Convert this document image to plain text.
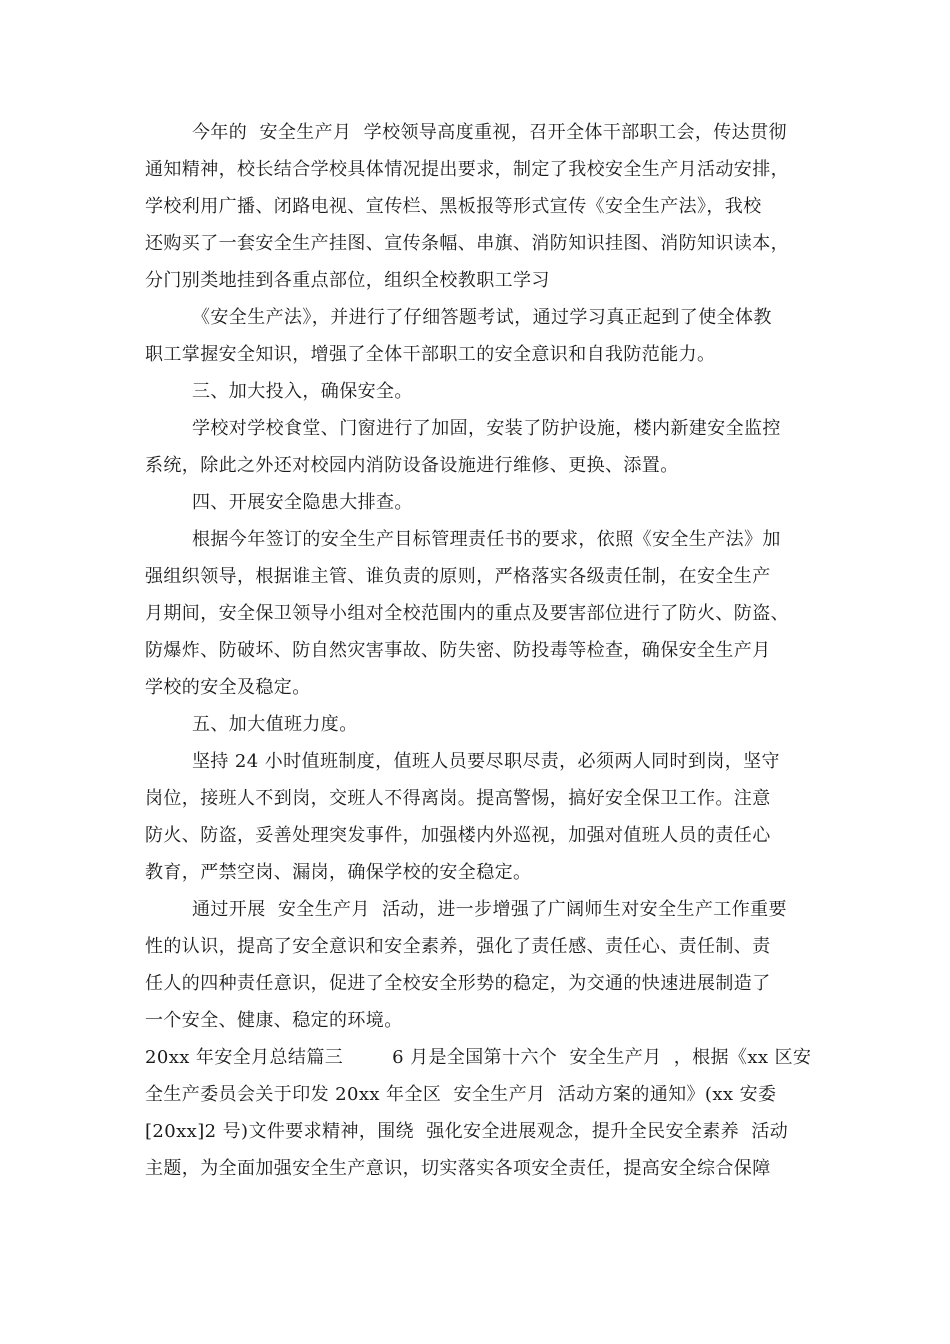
今年的  安全生产月  学校领导高度重视，召开全体干部职工会，传达贯彻
通知精神，校长结合学校具体情况提出要求，制定了我校安全生产月活动安排，
学校利用广播、闭路电视、宣传栏、黑板报等形式宣传《安全生产法》，我校
还购买了一套安全生产挂图、宣传条幅、串旗、消防知识挂图、消防知识读本，
分门别类地挂到各重点部位，组织全校教职工学习
《安全生产法》，并进行了仔细答题考试，通过学习真正起到了使全体教
职工掌握安全知识，增强了全体干部职工的安全意识和自我防范能力。
三、加大投入，确保安全。
学校对学校食堂、门窗进行了加固，安装了防护设施，楼内新建安全监控
系统，除此之外还对校园内消防设备设施进行维修、更换、添置。
四、开展安全隐患大排查。
根据今年签订的安全生产目标管理责任书的要求，依照《安全生产法》加
强组织领导，根据谁主管、谁负责的原则，严格落实各级责任制，在安全生产
月期间，安全保卫领导小组对全校范围内的重点及要害部位进行了防火、防盗、
防爆炸、防破坏、防自然灾害事故、防失密、防投毒等检查，确保安全生产月
学校的安全及稳定。
五、加大值班力度。
坚持 24 小时值班制度，值班人员要尽职尽责，必须两人同时到岗，坚守
岗位，接班人不到岗，交班人不得离岗。提高警惕，搞好安全保卫工作。注意
防火、防盗，妥善处理突发事件，加强楼内外巡视，加强对值班人员的责任心
教育，严禁空岗、漏岗，确保学校的安全稳定。
通过开展  安全生产月  活动，进一步增强了广阔师生对安全生产工作重要
性的认识，提高了安全意识和安全素养，强化了责任感、责任心、责任制、责
任人的四种责任意识，促进了全校安全形势的稳定，为交通的快速进展制造了
一个安全、健康、稳定的环境。
20xx 年安全月总结篇三        6 月是全国第十六个  安全生产月  ，根据《xx 区安
全生产委员会关于印发 20xx 年全区  安全生产月  活动方案的通知》(xx 安委
[20xx]2 号)文件要求精神，围绕  强化安全进展观念，提升全民安全素养  活动
主题，为全面加强安全生产意识，切实落实各项安全责任，提高安全综合保障
